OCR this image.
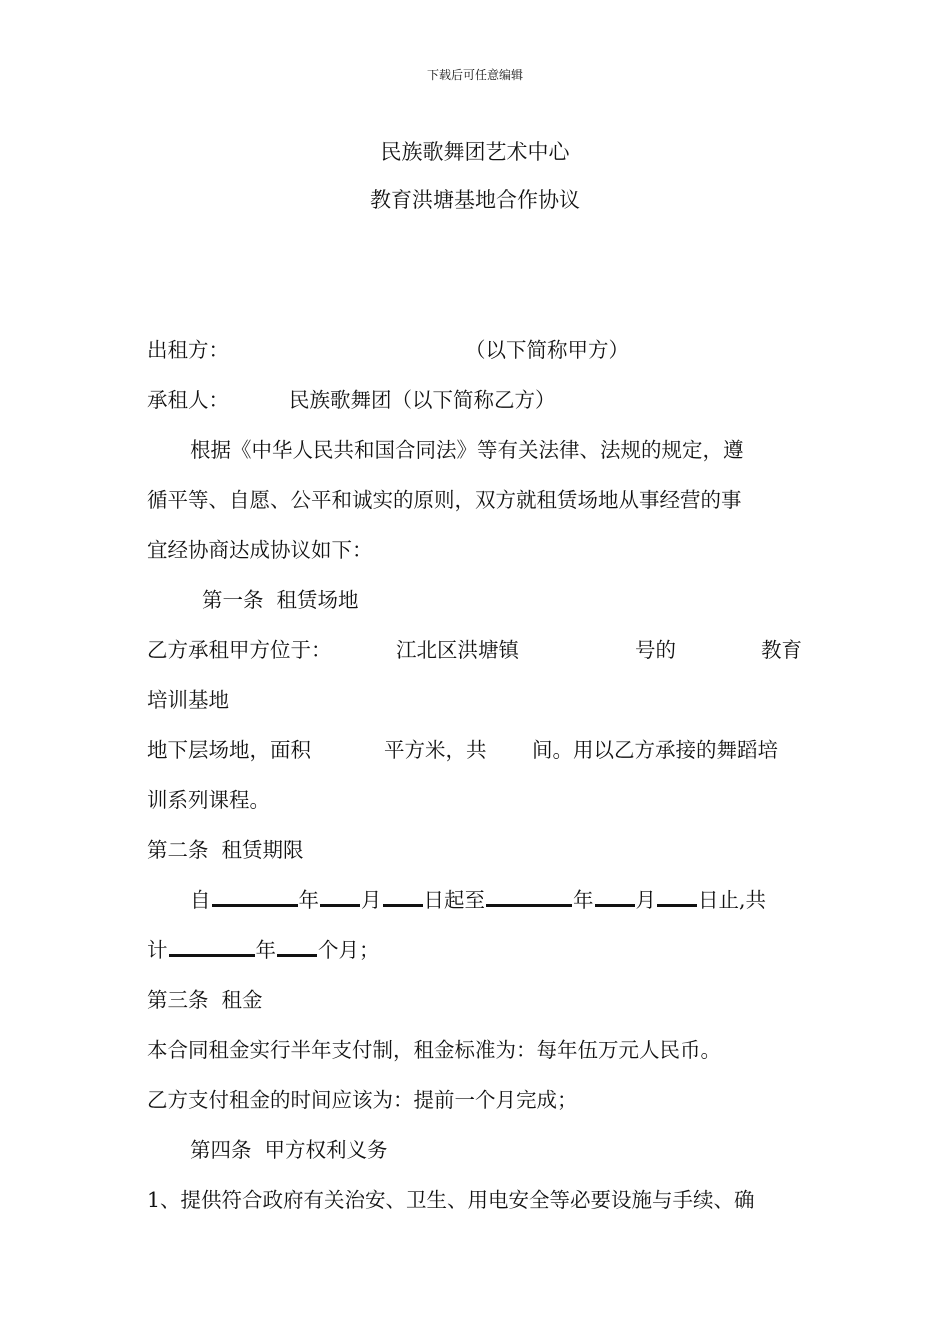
下载后可任意编辑
民族歌舞团艺术中心
教育洪塘基地合作协议
出租方：	（以下简称甲方）
承租人：	民族歌舞团（以下简称乙方）
根据《中华人民共和国合同法》等有关法律、法规的规定，遵
循平等、自愿、公平和诚实的原则，双方就租赁场地从事经营的事
宜经协商达成协议如下：
第一条  租赁场地
乙方承租甲方位于：	江北区洪塘镇	号的	教育
培训基地
地下层场地，面积	平方米，共 间。用以乙方承接的舞蹈培
训系列课程。
第二条  租赁期限
自	年 月 日起至	年 月 日止,共
计	年 个月；
第三条  租金
本合同租金实行半年支付制，租金标准为：每年伍万元人民币。
乙方支付租金的时间应该为：提前一个月完成；
第四条  甲方权利义务
1、提供符合政府有关治安、卫生、用电安全等必要设施与手续、确
